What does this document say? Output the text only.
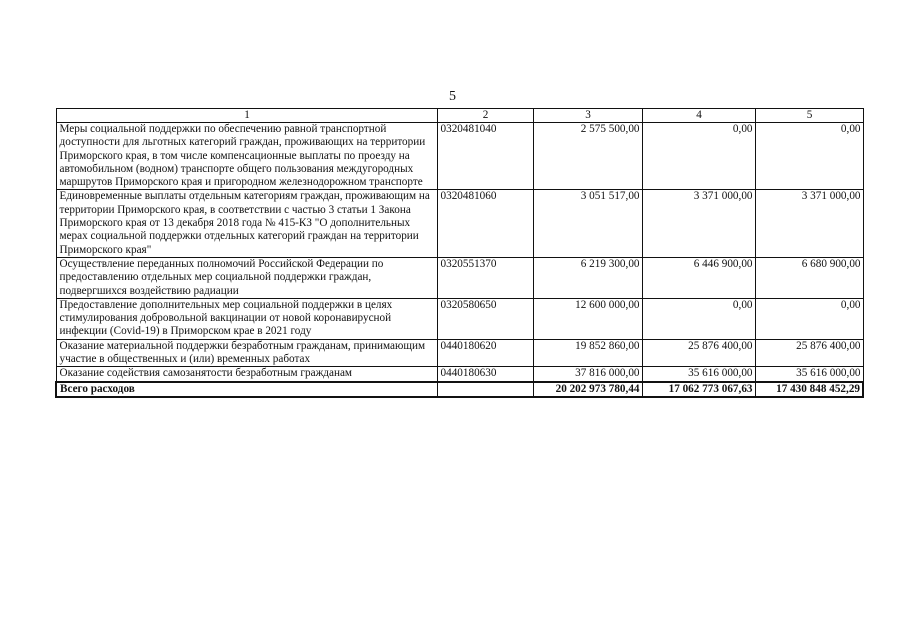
5
1	2	3	4	5
Меры социальной поддержки по обеспечению равной транспортной доступности для льготных категорий граждан, проживающих на территории Приморского края, в том числе компенсационные выплаты по проезду на автомобильном (водном) транспорте общего пользования междугородных маршрутов Приморского края и пригородном железнодорожном транспорте	0320481040	2 575 500,00	0,00	0,00
Единовременные выплаты отдельным категориям граждан, проживающим на территории Приморского края, в соответствии с частью 3 статьи 1 Закона Приморского края от 13 декабря 2018 года № 415-КЗ "О дополнительных мерах социальной поддержки отдельных категорий граждан на территории Приморского края"	0320481060	3 051 517,00	3 371 000,00	3 371 000,00
Осуществление переданных полномочий Российской Федерации по предоставлению отдельных мер социальной поддержки граждан, подвергшихся воздействию радиации	0320551370	6 219 300,00	6 446 900,00	6 680 900,00
Предоставление дополнительных мер социальной поддержки в целях стимулирования добровольной вакцинации от новой коронавирусной инфекции (Covid-19) в Приморском крае в 2021 году	0320580650	12 600 000,00	0,00	0,00
Оказание материальной поддержки безработным гражданам, принимающим участие в общественных и (или) временных работах	0440180620	19 852 860,00	25 876 400,00	25 876 400,00
Оказание содействия самозанятости безработным гражданам	0440180630	37 816 000,00	35 616 000,00	35 616 000,00
Всего расходов		20 202 973 780,44	17 062 773 067,63	17 430 848 452,29
